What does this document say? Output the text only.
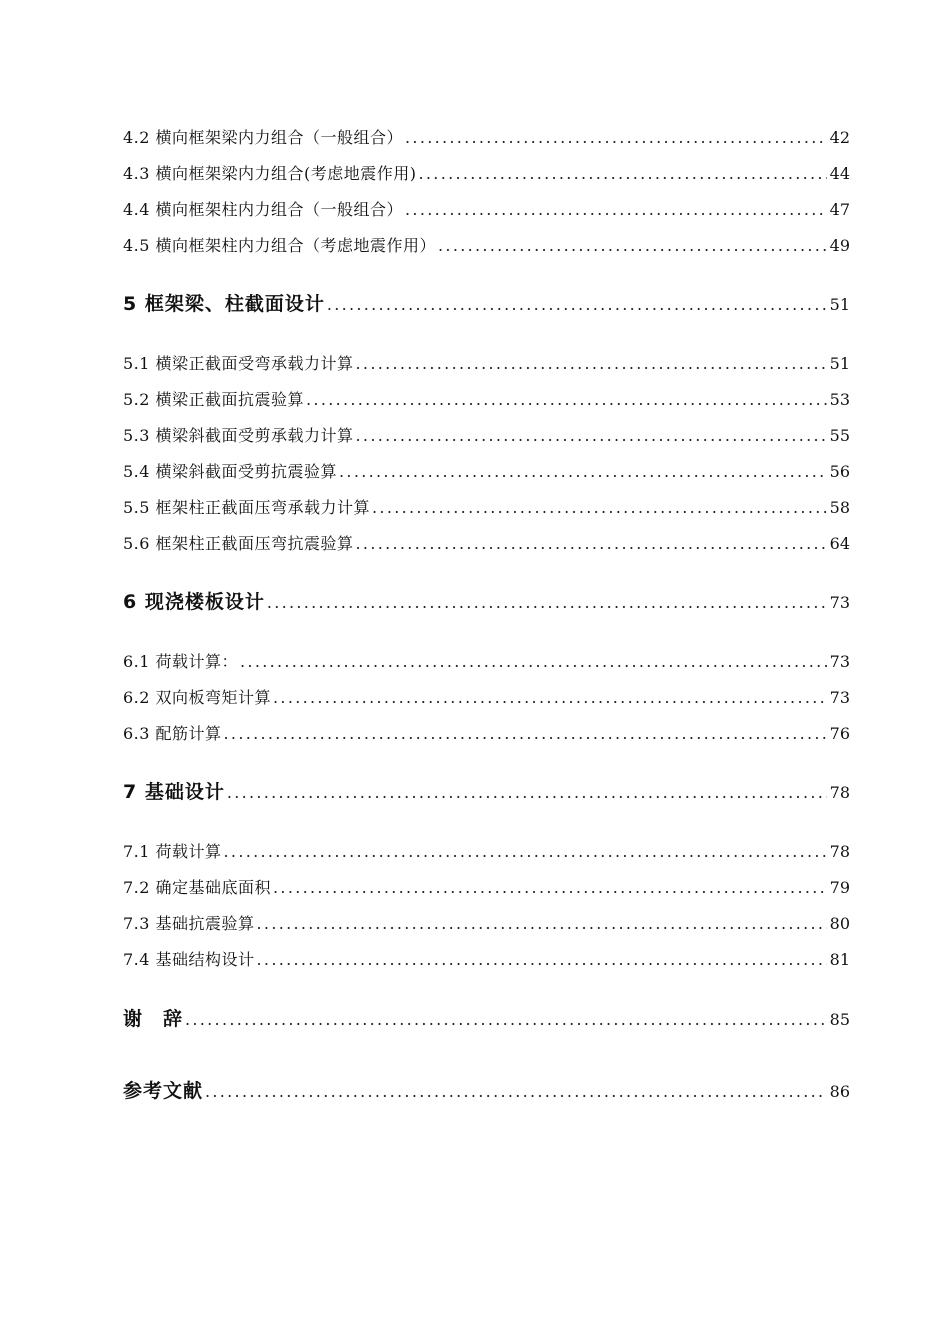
4.2 横向框架梁内力组合（一般组合） .....	42
4.3 横向框架梁内力组合(考虑地震作用) .....	44
4.4 横向框架柱内力组合（一般组合） .....	47
4.5 横向框架柱内力组合（考虑地震作用） .....	49
5 框架梁、柱截面设计 .....	51
5.1 横梁正截面受弯承载力计算 .....	51
5.2 横梁正截面抗震验算 .....	53
5.3 横梁斜截面受剪承载力计算 .....	55
5.4 横梁斜截面受剪抗震验算 .....	56
5.5 框架柱正截面压弯承载力计算 .....	58
5.6 框架柱正截面压弯抗震验算 .....	64
6 现浇楼板设计 .....	73
6.1 荷载计算： .....	73
6.2 双向板弯矩计算 .....	73
6.3 配筋计算 .....	76
7 基础设计 .....	78
7.1 荷载计算 .....	78
7.2 确定基础底面积 .....	79
7.3 基础抗震验算 .....	80
7.4 基础结构设计 .....	81
谢　辞 .....	85
参考文献 .....	86
